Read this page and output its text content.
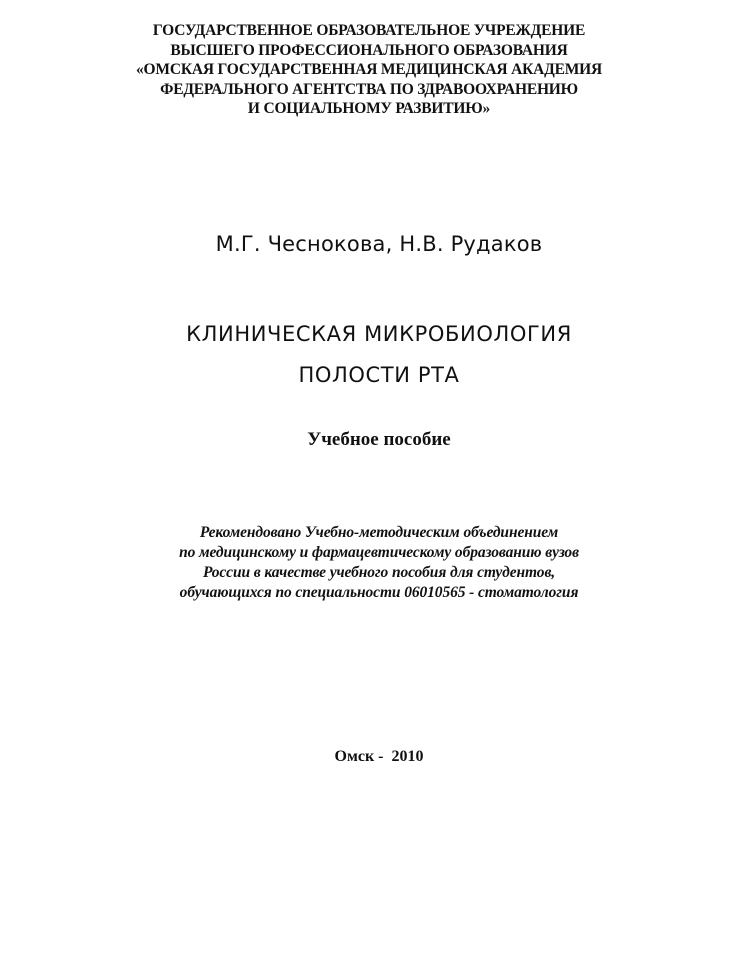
ГОСУДАРСТВЕННОЕ ОБРАЗОВАТЕЛЬНОЕ УЧРЕЖДЕНИЕ
ВЫСШЕГО ПРОФЕССИОНАЛЬНОГО ОБРАЗОВАНИЯ
«ОМСКАЯ ГОСУДАРСТВЕННАЯ МЕДИЦИНСКАЯ АКАДЕМИЯ
ФЕДЕРАЛЬНОГО АГЕНТСТВА ПО ЗДРАВООХРАНЕНИЮ
И СОЦИАЛЬНОМУ РАЗВИТИЮ»
М.Г. Чеснокова, Н.В. Рудаков
КЛИНИЧЕСКАЯ МИКРОБИОЛОГИЯ
ПОЛОСТИ РТА
Учебное пособие
Рекомендовано Учебно-методическим объединением
по медицинскому и фармацевтическому образованию вузов
России в качестве учебного пособия для студентов,
обучающихся по специальности 06010565 - стоматология
Омск -  2010
